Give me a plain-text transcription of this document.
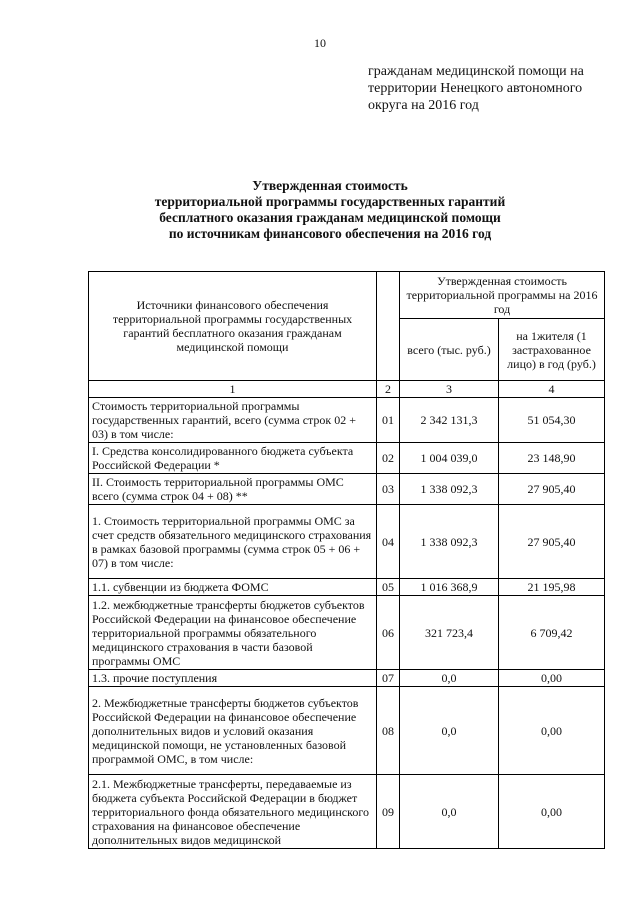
10
гражданам медицинской помощи на
территории Ненецкого автономного
округа на 2016 год
Утвержденная стоимость
территориальной программы государственных гарантий
бесплатного оказания гражданам медицинской помощи
по источникам финансового обеспечения на 2016 год
Источники финансового обеспечения территориальной программы государственных гарантий бесплатного оказания гражданам медицинской помощи		Утвержденная стоимость территориальной программы на 2016 год	
		всего (тыс. руб.)	на 1жителя (1 застрахованное лицо) в год (руб.)
1	2	3	4
Стоимость территориальной программы государственных гарантий, всего (сумма строк 02 + 03) в том числе:	01	2 342 131,3	51 054,30
I. Средства консолидированного бюджета субъекта Российской Федерации *	02	1 004 039,0	23 148,90
II. Стоимость территориальной программы ОМС всего (сумма строк 04 + 08) **	03	1 338 092,3	27 905,40
1. Стоимость территориальной программы ОМС за счет средств обязательного медицинского страхования в рамках базовой программы (сумма строк 05 + 06 + 07) в том числе:	04	1 338 092,3	27 905,40
1.1. субвенции из бюджета ФОМС	05	1 016 368,9	21 195,98
1.2. межбюджетные трансферты бюджетов субъектов Российской Федерации на финансовое обеспечение территориальной программы обязательного медицинского страхования в части базовой программы ОМС	06	321 723,4	6 709,42
1.3. прочие поступления	07	0,0	0,00
2. Межбюджетные трансферты бюджетов субъектов Российской Федерации на финансовое обеспечение дополнительных видов и условий оказания медицинской помощи, не установленных базовой программой ОМС, в том числе:	08	0,0	0,00
2.1. Межбюджетные трансферты, передаваемые из бюджета субъекта Российской Федерации в бюджет территориального фонда обязательного медицинского страхования на финансовое обеспечение дополнительных видов медицинской	09	0,0	0,00
